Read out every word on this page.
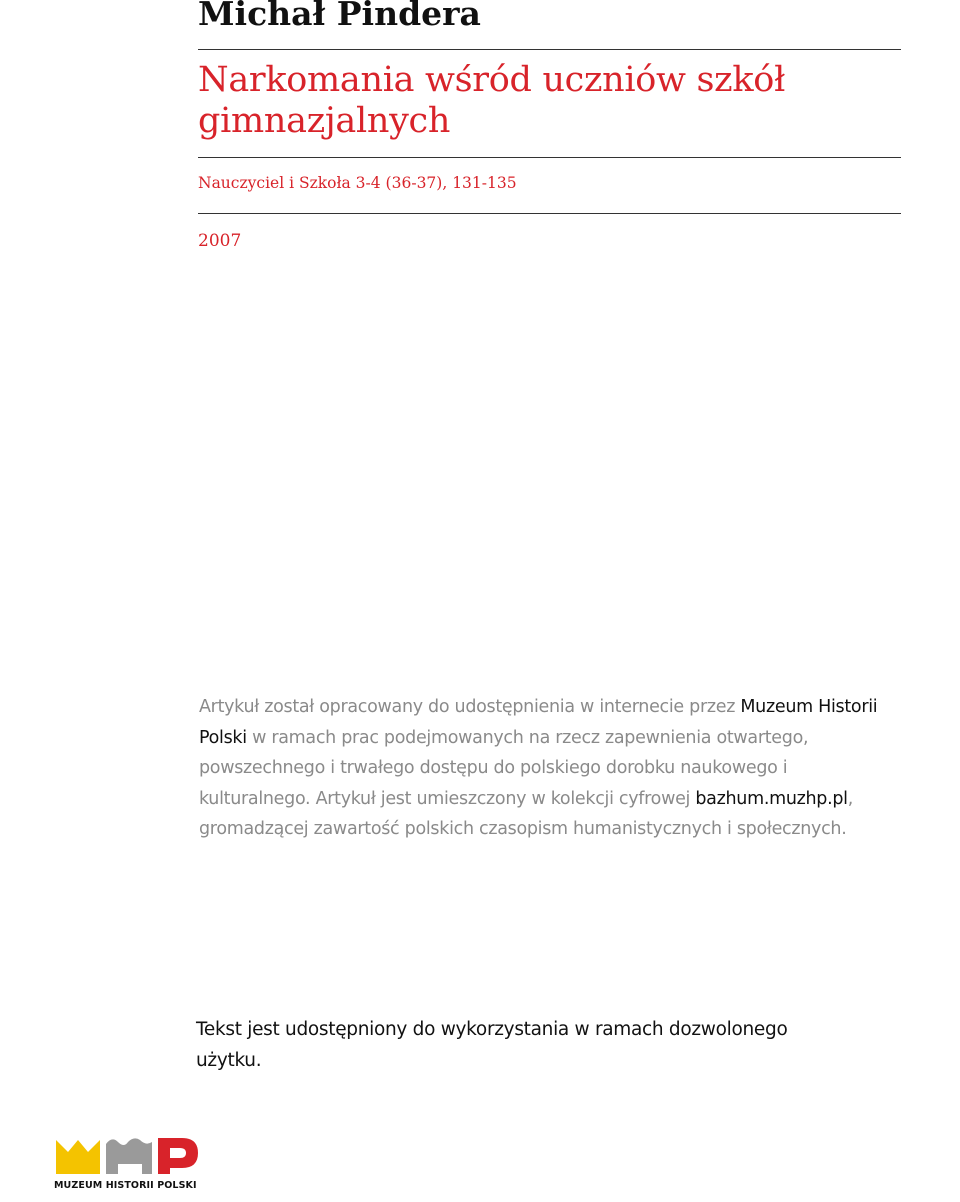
Michał Pindera
Narkomania wśród uczniów szkół gimnazjalnych
Nauczyciel i Szkoła 3-4 (36-37), 131-135
2007
Artykuł został opracowany do udostępnienia w internecie przez Muzeum Historii Polski w ramach prac podejmowanych na rzecz zapewnienia otwartego, powszechnego i trwałego dostępu do polskiego dorobku naukowego i kulturalnego. Artykuł jest umieszczony w kolekcji cyfrowej bazhum.muzhp.pl, gromadzącej zawartość polskich czasopism humanistycznych i społecznych.
Tekst jest udostępniony do wykorzystania w ramach dozwolonego użytku.
MUZEUM HISTORII POLSKI
